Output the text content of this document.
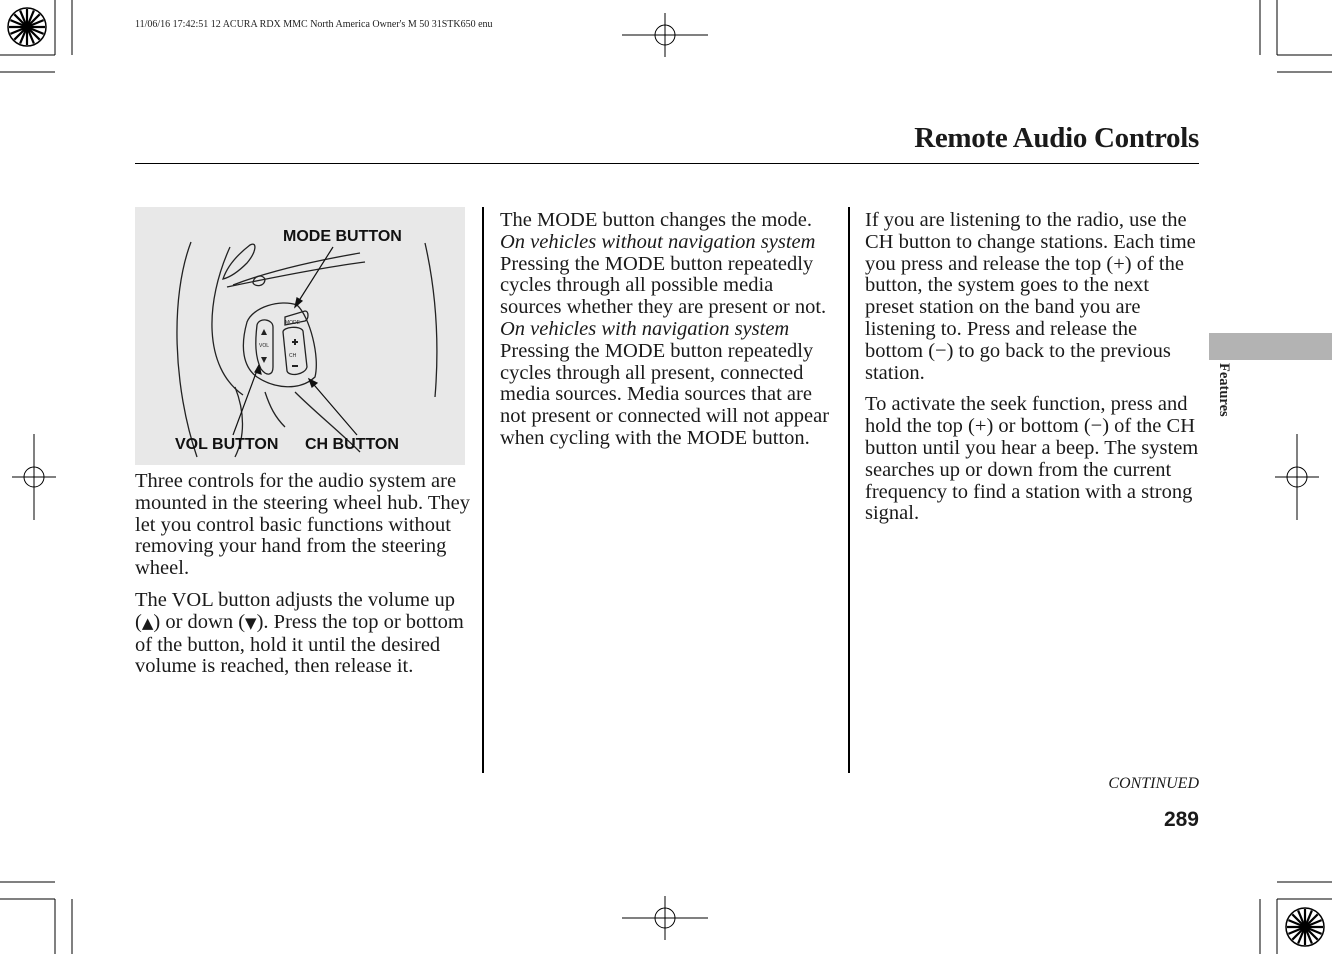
11/06/16 17:42:51 12 ACURA RDX MMC North America Owner's M 50 31STK650 enu
Remote Audio Controls
VOL
MODE
CH
MODE BUTTON
VOL BUTTON CH BUTTON

Three controls for the audio system are mounted in the steering wheel hub. They let you control basic functions without removing your hand from the steering wheel.

The VOL button adjusts the volume up (▲) or down (▼). Press the top or bottom of the button, hold it until the desired volume is reached, then release it.

The MODE button changes the mode.
On vehicles without navigation system
Pressing the MODE button repeatedly cycles through all possible media sources whether they are present or not.
On vehicles with navigation system
Pressing the MODE button repeatedly cycles through all present, connected media sources. Media sources that are not present or connected will not appear when cycling with the MODE button.

If you are listening to the radio, use the CH button to change stations. Each time you press and release the top (+) of the button, the system goes to the next preset station on the band you are listening to. Press and release the bottom (−) to go back to the previous station.

To activate the seek function, press and hold the top (+) or bottom (−) of the CH button until you hear a beep. The system searches up or down from the current frequency to find a station with a strong signal.

Features
CONTINUED
289
